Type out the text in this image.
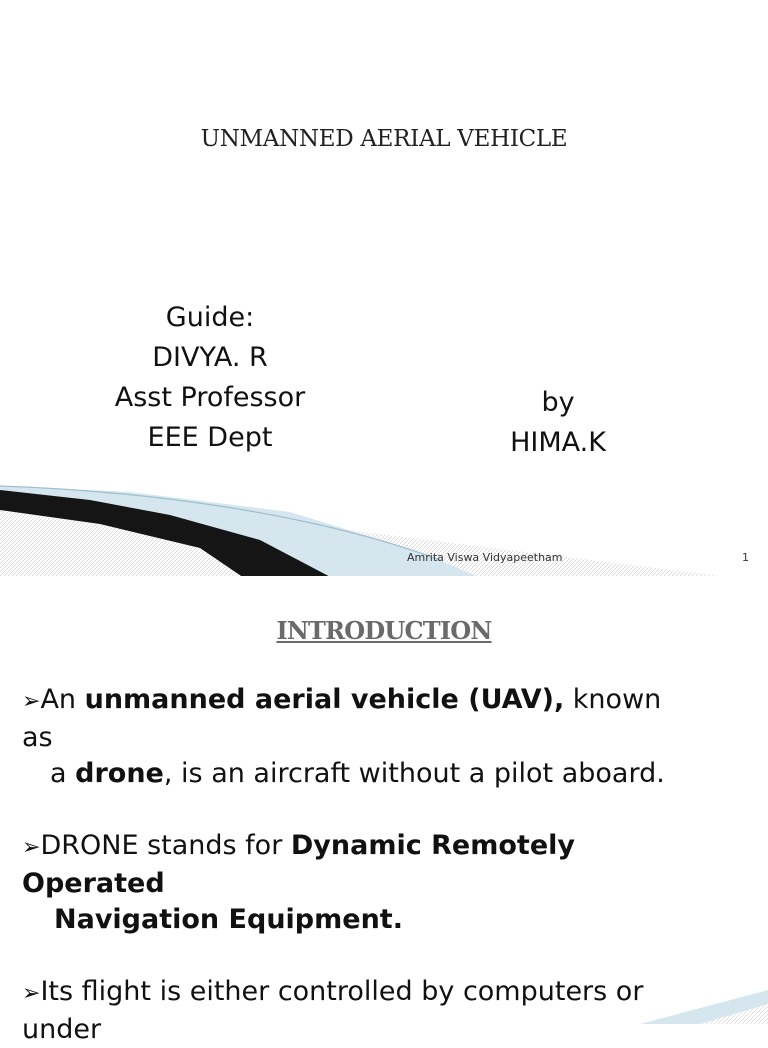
UNMANNED AERIAL VEHICLE
Guide:
DIVYA. R
Asst Professor
EEE Dept
by
HIMA.K
Amrita Viswa Vidyapeetham	1
INTRODUCTION

➢An unmanned aerial vehicle (UAV), known

as

a drone, is an aircraft without a pilot aboard.

➢DRONE stands for Dynamic Remotely

Operated

Navigation Equipment.

➢Its flight is either controlled by computers or

under
